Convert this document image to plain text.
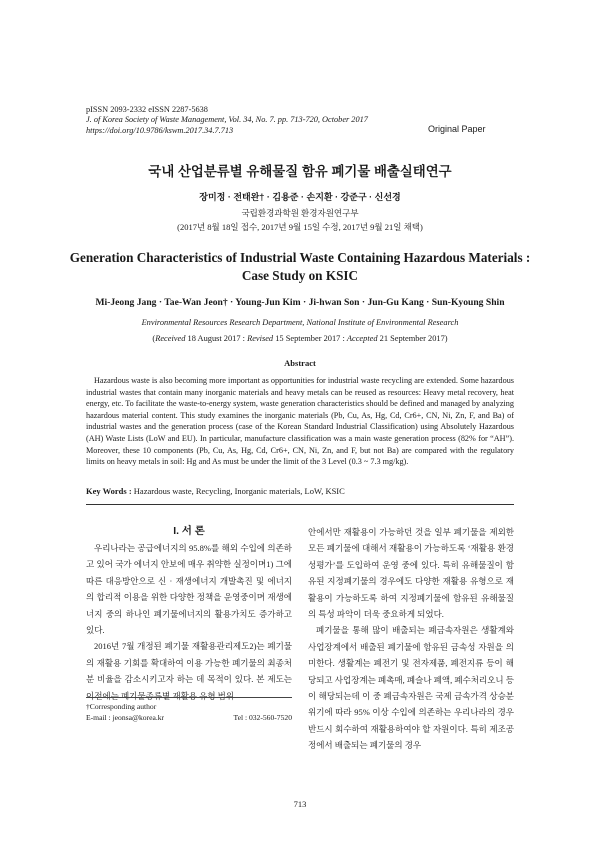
pISSN 2093-2332 eISSN 2287-5638
J. of Korea Society of Waste Management, Vol. 34, No. 7. pp. 713-720, October 2017
https://doi.org/10.9786/kswm.2017.34.7.713	Original Paper
국내 산업분류별 유해물질 함유 폐기물 배출실태연구
장미정 · 전태완† · 김용준 · 손지환 · 강준구 · 신선경
국립환경과학원 환경자원연구부
(2017년 8월 18일 접수, 2017년 9월 15일 수정, 2017년 9월 21일 채택)
Generation Characteristics of Industrial Waste Containing Hazardous Materials :
Case Study on KSIC
Mi-Jeong Jang · Tae-Wan Jeon† · Young-Jun Kim · Ji-hwan Son · Jun-Gu Kang · Sun-Kyoung Shin
Environmental Resources Research Department, National Institute of Environmental Research
(Received 18 August 2017 : Revised 15 September 2017 : Accepted 21 September 2017)
Abstract
Hazardous waste is also becoming more important as opportunities for industrial waste recycling are extended. Some hazardous industrial wastes that contain many inorganic materials and heavy metals can be reused as resources: Heavy metal recovery, heat energy, etc. To facilitate the waste-to-energy system, waste generation characteristics should be defined and managed by analyzing hazardous material content. This study examines the inorganic materials (Pb, Cu, As, Hg, Cd, Cr6+, CN, Ni, Zn, F, and Ba) of industrial wastes and the generation process (case of the Korean Standard Industrial Classification) using Absolutely Hazardous (AH) Waste Lists (LoW and EU). In particular, manufacture classification was a main waste generation process (82% for “AH”). Moreover, these 10 components (Pb, Cu, As, Hg, Cd, Cr6+, CN, Ni, Zn, and F, but not Ba) are compared with the regulatory limits on heavy metals in soil: Hg and As must be under the limit of the 3 Level (0.3 ~ 7.3 mg/kg).
Key Words : Hazardous waste, Recycling, Inorganic materials, LoW, KSIC
I. 서 론

우리나라는 공급에너지의 95.8%를 해외 수입에 의존하고 있어 국가 에너지 안보에 매우 취약한 실정이며1) 그에 따른 대응방안으로 신 · 재생에너지 개발촉진 및 에너지의 합리적 이용을 위한 다양한 정책을 운영중이며 재생에너지 중의 하나인 폐기물에너지의 활용가치도 증가하고 있다.

2016년 7월 개정된 폐기물 재활용관리제도2)는 폐기물의 재활용 기회를 확대하여 이용 가능한 폐기물의 최종처분 비율을 감소시키고자 하는 데 목적이 있다. 본 제도는 이전에는 폐기물종류별 재활용 유형 범위

안에서만 재활용이 가능하던 것을 일부 폐기물을 제외한 모든 폐기물에 대해서 재활용이 가능하도록 ‘재활용 환경성평가’를 도입하여 운영 중에 있다. 특히 유해물질이 함유된 지정폐기물의 경우에도 다양한 재활용 유형으로 재활용이 가능하도록 하여 지정폐기물에 함유된 유해물질의 특성 파악이 더욱 중요하게 되었다.

폐기물을 통해 많이 배출되는 폐금속자원은 생활계와 사업장계에서 배출된 폐기물에 함유된 금속성 자원을 의미한다. 생활계는 폐전기 및 전자제품, 폐전지류 등이 해당되고 사업장계는 폐촉매, 폐슬나 폐액, 폐수처리오니 등이 해당되는데 이 중 폐금속자원은 국제 금속가격 상승분위기에 따라 95% 이상 수입에 의존하는 우리나라의 경우 반드시 회수하여 재활용하여야 할 자원이다. 특히 제조공정에서 배출되는 폐기물의 경우

†Corresponding author
E-mail : jeonsa@korea.kr	Tel : 032-560-7520
713
